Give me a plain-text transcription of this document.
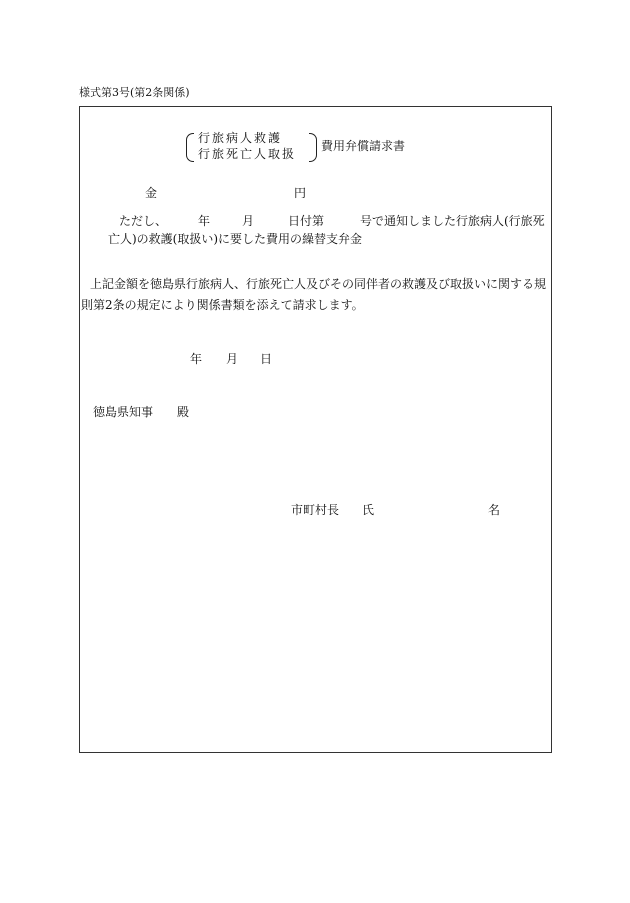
様式第3号(第2条関係)
行旅病人救護
行旅死亡人取扱
費用弁償請求書
金	円
ただし、	年	月	日付第	号で通知しました行旅病人(行旅死
亡人)の救護(取扱い)に要した費用の繰替支弁金
上記金額を徳島県行旅病人、行旅死亡人及びその同伴者の救護及び取扱いに関する規
則第2条の規定により関係書類を添えて請求します。
年 月 日
徳島県知事 殿
市町村長 氏	名
